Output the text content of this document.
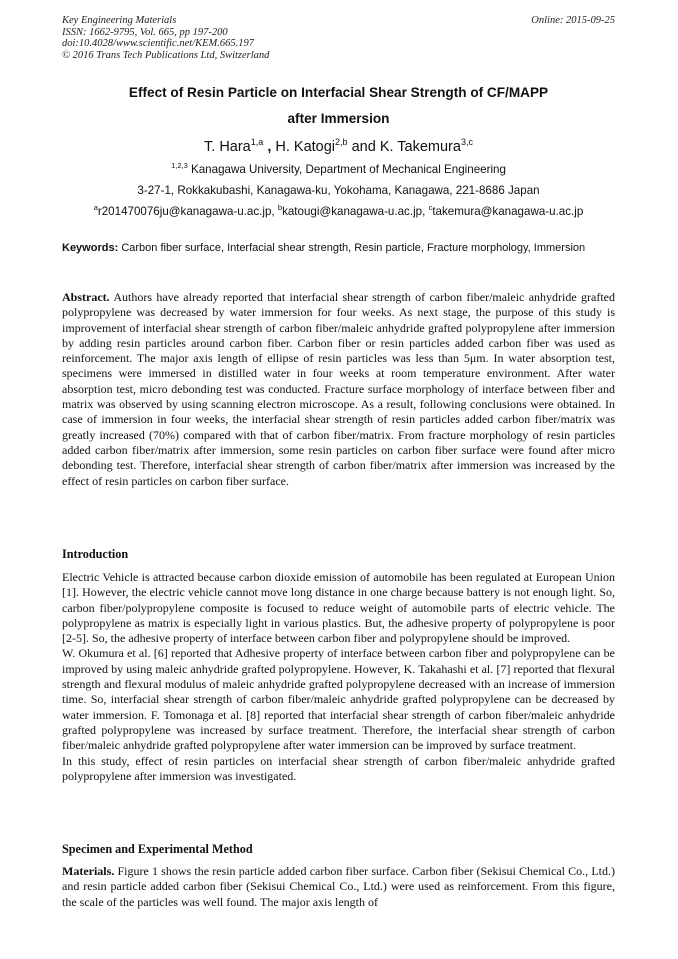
Key Engineering Materials	Online: 2015-09-25
ISSN: 1662-9795, Vol. 665, pp 197-200
doi:10.4028/www.scientific.net/KEM.665.197
© 2016 Trans Tech Publications Ltd, Switzerland
Effect of Resin Particle on Interfacial Shear Strength of CF/MAPP
after Immersion
T. Hara$^{1,a}$ , H. Katogi$^{2,b}$ and K. Takemura$^{3,c}$
$^{1,2,3}$ Kanagawa University, Department of Mechanical Engineering
3-27-1, Rokkakubashi, Kanagawa-ku, Yokohama, Kanagawa, 221-8686 Japan
$^a$r201470076ju@kanagawa-u.ac.jp, $^b$katougi@kanagawa-u.ac.jp, $^c$takemura@kanagawa-u.ac.jp
Keywords: Carbon fiber surface, Interfacial shear strength, Resin particle, Fracture morphology, Immersion

Abstract. Authors have already reported that interfacial shear strength of carbon fiber/maleic anhydride grafted polypropylene was decreased by water immersion for four weeks. As next stage, the purpose of this study is improvement of interfacial shear strength of carbon fiber/maleic anhydride grafted polypropylene after immersion by adding resin particles around carbon fiber. Carbon fiber or resin particles added carbon fiber was used as reinforcement. The major axis length of ellipse of resin particles was less than 5μm. In water absorption test, specimens were immersed in distilled water in four weeks at room temperature environment. After water absorption test, micro debonding test was conducted. Fracture surface morphology of interface between fiber and matrix was observed by using scanning electron microscope. As a result, following conclusions were obtained. In case of immersion in four weeks, the interfacial shear strength of resin particles added carbon fiber/matrix was greatly increased (70%) compared with that of carbon fiber/matrix. From fracture morphology of resin particles added carbon fiber/matrix after immersion, some resin particles on carbon fiber surface were found after micro debonding test. Therefore, interfacial shear strength of carbon fiber/matrix after immersion was increased by the effect of resin particles on carbon fiber surface.

Introduction

Electric Vehicle is attracted because carbon dioxide emission of automobile has been regulated at European Union [1]. However, the electric vehicle cannot move long distance in one charge because battery is not enough light. So, carbon fiber/polypropylene composite is focused to reduce weight of automobile parts of electric vehicle. The polypropylene as matrix is especially light in various plastics. But, the adhesive property of polypropylene is poor [2-5]. So, the adhesive property of interface between carbon fiber and polypropylene should be improved.

W. Okumura et al. [6] reported that Adhesive property of interface between carbon fiber and polypropylene can be improved by using maleic anhydride grafted polypropylene. However, K. Takahashi et al. [7] reported that flexural strength and flexural modulus of maleic anhydride grafted polypropylene decreased with an increase of immersion time. So, interfacial shear strength of carbon fiber/maleic anhydride grafted polypropylene can be decreased by water immersion. F. Tomonaga et al. [8] reported that interfacial shear strength of carbon fiber/maleic anhydride grafted polypropylene was increased by surface treatment. Therefore, the interfacial shear strength of carbon fiber/maleic anhydride grafted polypropylene after water immersion can be improved by surface treatment.

In this study, effect of resin particles on interfacial shear strength of carbon fiber/maleic anhydride grafted polypropylene after immersion was investigated.

Specimen and Experimental Method

Materials. Figure 1 shows the resin particle added carbon fiber surface. Carbon fiber (Sekisui Chemical Co., Ltd.) and resin particle added carbon fiber (Sekisui Chemical Co., Ltd.) were used as reinforcement. From this figure, the scale of the particles was well found. The major axis length of
